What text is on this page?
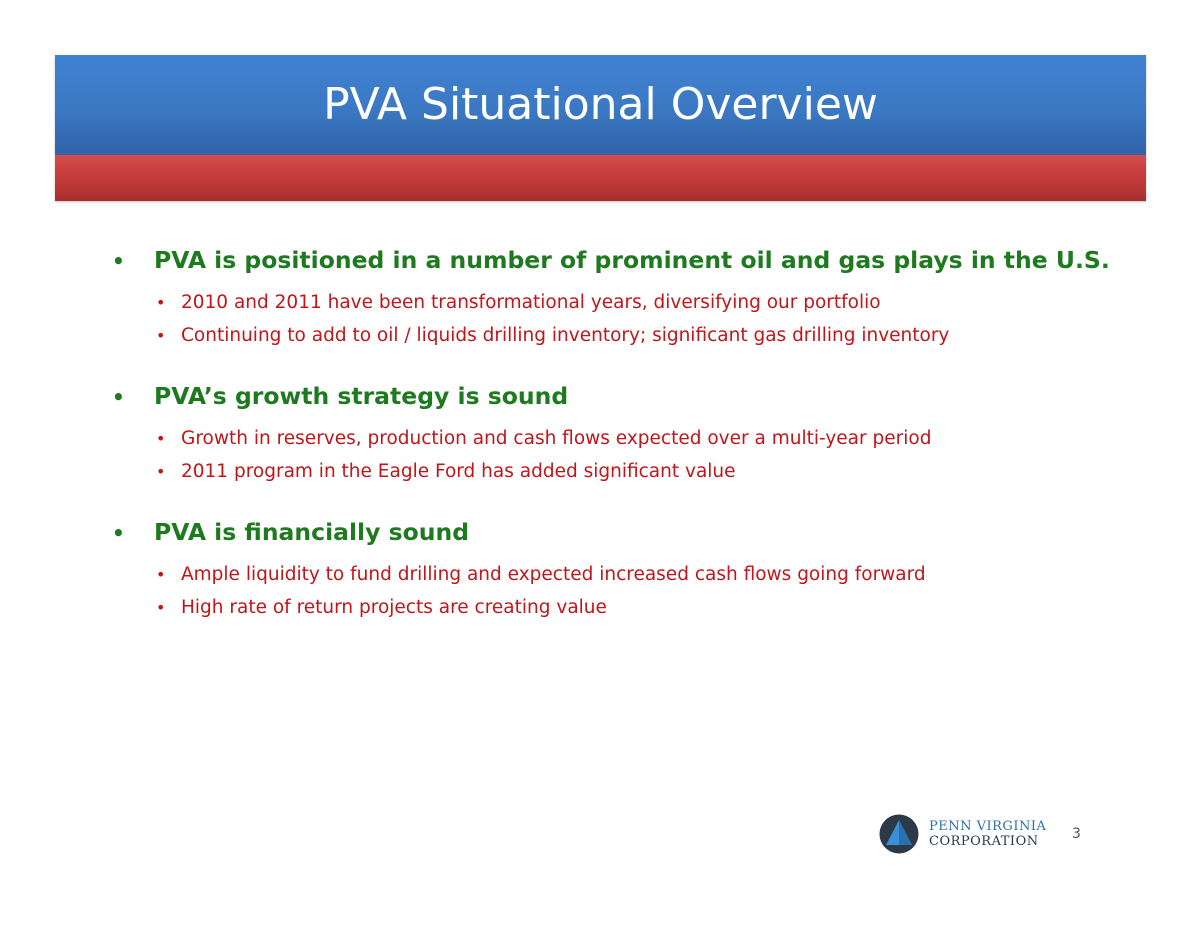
PVA Situational Overview
•	PVA is positioned in a number of prominent oil and gas plays in the U.S.
• 2010 and 2011 have been transformational years, diversifying our portfolio
• Continuing to add to oil / liquids drilling inventory; significant gas drilling inventory
•	PVA’s growth strategy is sound
• Growth in reserves, production and cash flows expected over a multi-year period
• 2011 program in the Eagle Ford has added significant value
•	PVA is financially sound
• Ample liquidity to fund drilling and expected increased cash flows going forward
• High rate of return projects are creating value
PENN VIRGINIA
CORPORATION	3
